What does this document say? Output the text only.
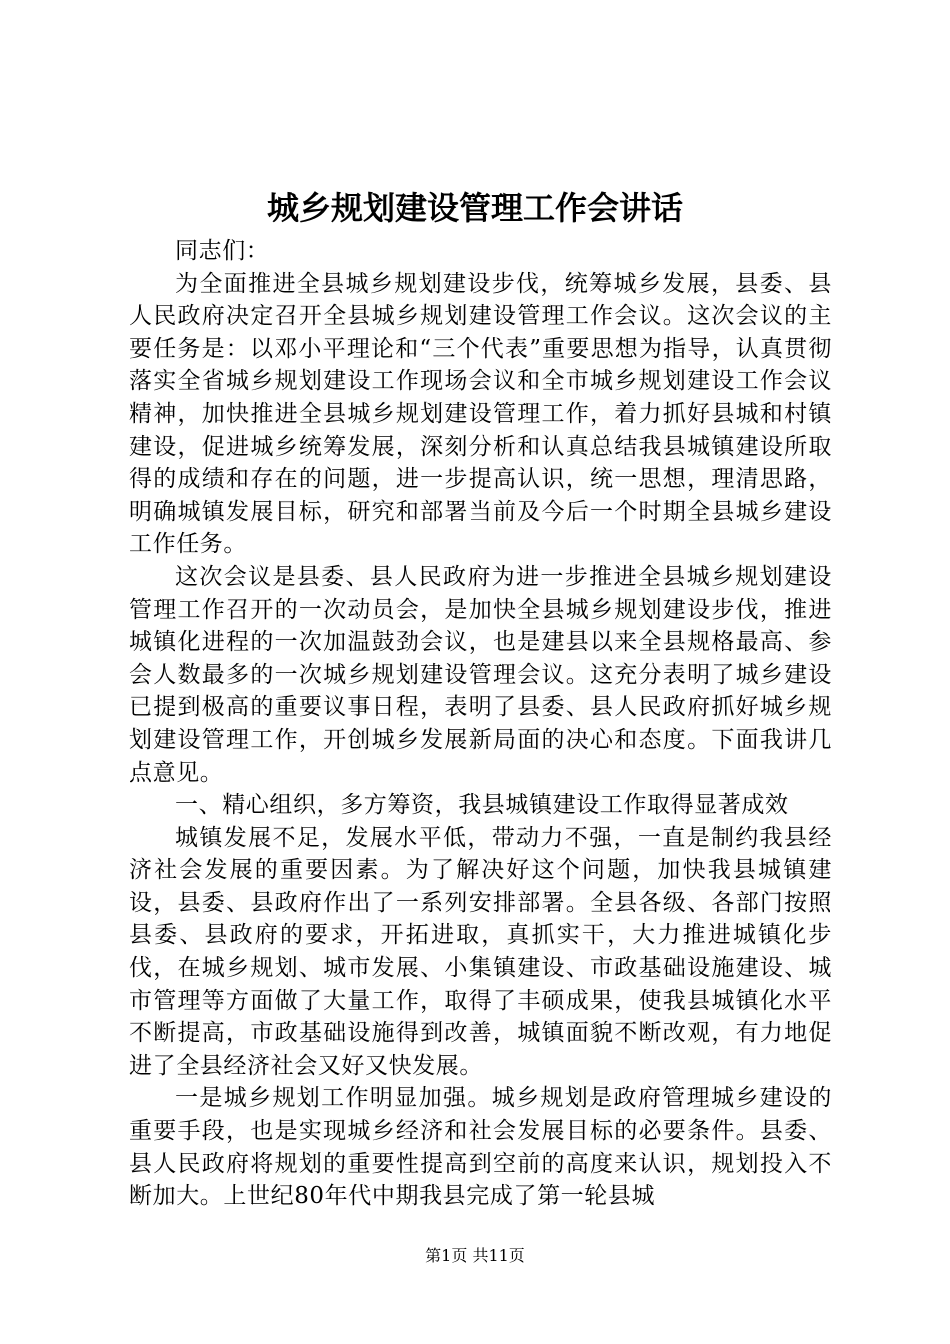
城乡规划建设管理工作会讲话

同志们：

为全面推进全县城乡规划建设步伐，统筹城乡发展，县委、县人民政府决定召开全县城乡规划建设管理工作会议。这次会议的主要任务是：以邓小平理论和“三个代表”重要思想为指导，认真贯彻落实全省城乡规划建设工作现场会议和全市城乡规划建设工作会议精神，加快推进全县城乡规划建设管理工作，着力抓好县城和村镇建设，促进城乡统筹发展，深刻分析和认真总结我县城镇建设所取得的成绩和存在的问题，进一步提高认识，统一思想，理清思路，明确城镇发展目标，研究和部署当前及今后一个时期全县城乡建设工作任务。

这次会议是县委、县人民政府为进一步推进全县城乡规划建设管理工作召开的一次动员会，是加快全县城乡规划建设步伐，推进城镇化进程的一次加温鼓劲会议，也是建县以来全县规格最高、参会人数最多的一次城乡规划建设管理会议。这充分表明了城乡建设已提到极高的重要议事日程，表明了县委、县人民政府抓好城乡规划建设管理工作，开创城乡发展新局面的决心和态度。下面我讲几点意见。

一、精心组织，多方筹资，我县城镇建设工作取得显著成效

城镇发展不足，发展水平低，带动力不强，一直是制约我县经济社会发展的重要因素。为了解决好这个问题，加快我县城镇建设，县委、县政府作出了一系列安排部署。全县各级、各部门按照县委、县政府的要求，开拓进取，真抓实干，大力推进城镇化步伐，在城乡规划、城市发展、小集镇建设、市政基础设施建设、城市管理等方面做了大量工作，取得了丰硕成果，使我县城镇化水平不断提高，市政基础设施得到改善，城镇面貌不断改观，有力地促进了全县经济社会又好又快发展。

一是城乡规划工作明显加强。城乡规划是政府管理城乡建设的重要手段，也是实现城乡经济和社会发展目标的必要条件。县委、县人民政府将规划的重要性提高到空前的高度来认识，规划投入不断加大。上世纪80年代中期我县完成了第一轮县城

第1页 共11页
